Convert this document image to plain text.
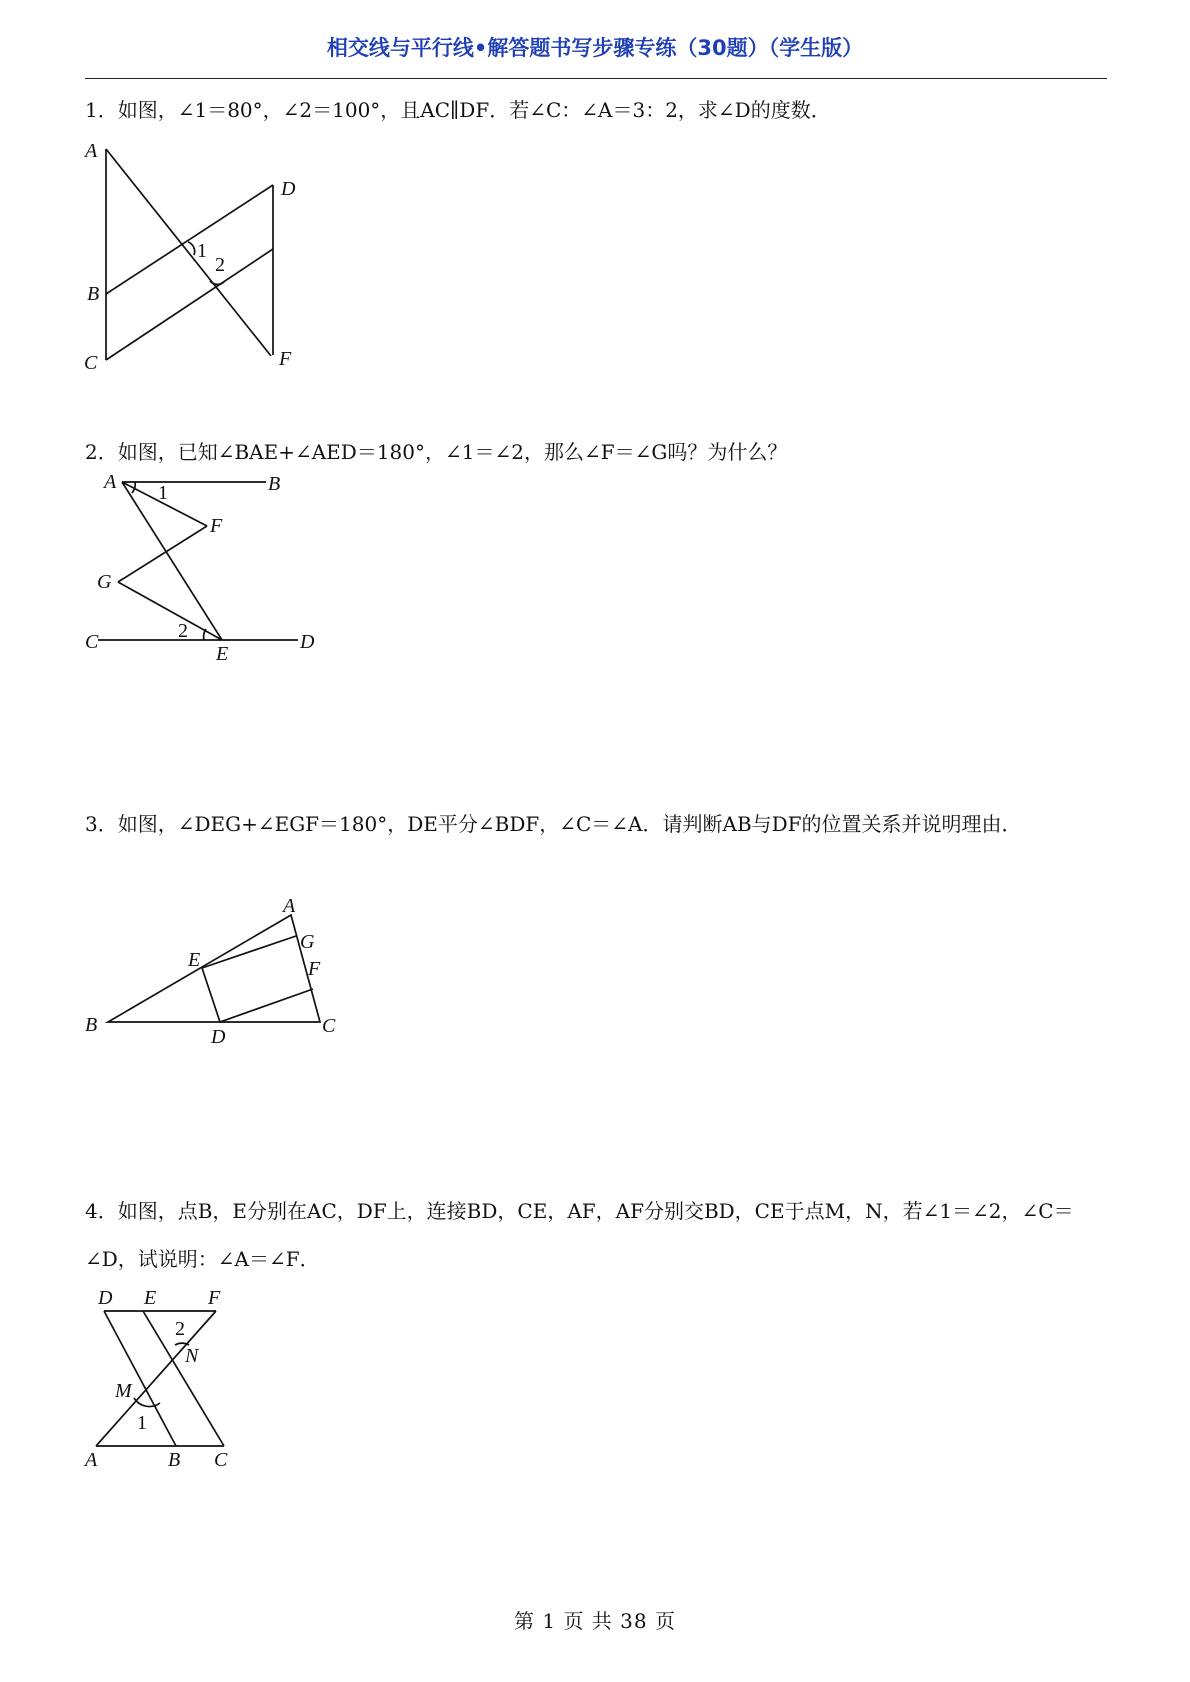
相交线与平行线•解答题书写步骤专练（30题）（学生版）
1．如图，∠1＝80°，∠2＝100°，且AC∥DF．若∠C：∠A＝3：2，求∠D的度数．
A
B
C
D
F
1
2
2．如图，已知∠BAE+∠AED＝180°，∠1＝∠2，那么∠F＝∠G吗？为什么？
A	B
F
G
C
E
D
1
2
3．如图，∠DEG+∠EGF＝180°，DE平分∠BDF，∠C＝∠A．请判断AB与DF的位置关系并说明理由．
A
G
F
E
B
D	C
4．如图，点B，E分别在AC，DF上，连接BD，CE，AF，AF分别交BD，CE于点M，N，若∠1＝∠2，∠C＝∠D，试说明：∠A＝∠F．
D E	F
2
N
M
1
A	B C
第 1 页 共 38 页
